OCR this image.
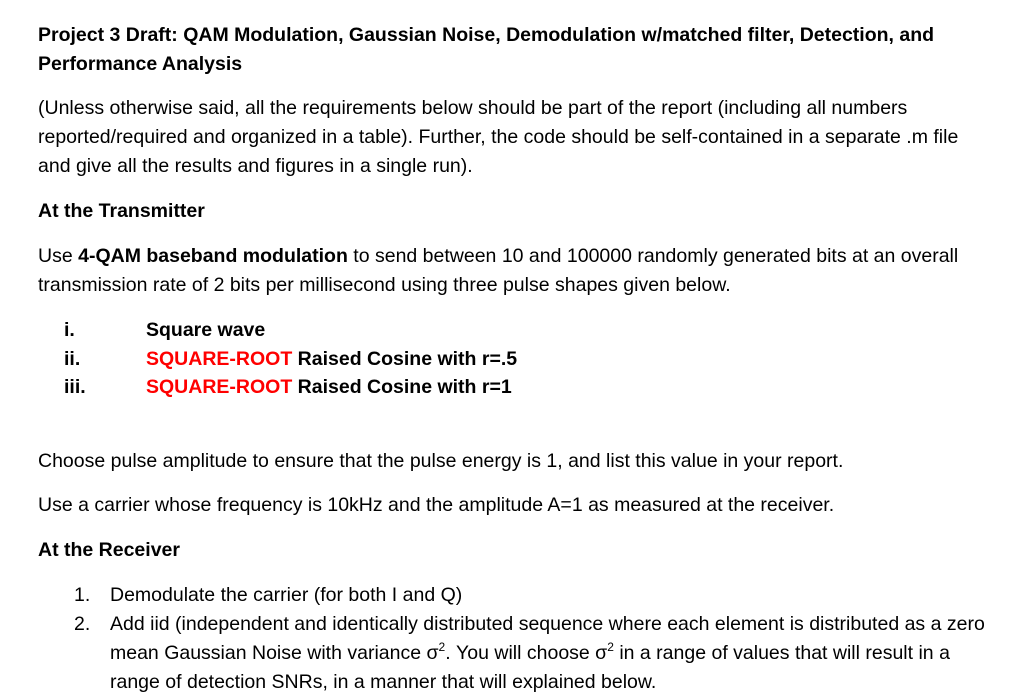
Project 3 Draft: QAM Modulation, Gaussian Noise, Demodulation w/matched filter, Detection, and Performance Analysis
(Unless otherwise said, all the requirements below should be part of the report (including all numbers reported/required and organized in a table). Further, the code should be self-contained in a separate .m file and give all the results and figures in a single run).
At the Transmitter
Use 4-QAM baseband modulation to send between 10 and 100000 randomly generated bits at an overall transmission rate of 2 bits per millisecond using three pulse shapes given below.
i.	Square wave
ii.	SQUARE-ROOT Raised Cosine with r=.5
iii.	SQUARE-ROOT Raised Cosine with r=1
Choose pulse amplitude to ensure that the pulse energy is 1, and list this value in your report.
Use a carrier whose frequency is 10kHz and the amplitude A=1 as measured at the receiver.
At the Receiver
1. Demodulate the carrier (for both I and Q)
2. Add iid (independent and identically distributed sequence where each element is distributed as a zero mean Gaussian Noise with variance $\sigma^2$. You will choose $\sigma^2$ in a range of values that will result in a range of detection SNRs, in a manner that will explained below.
